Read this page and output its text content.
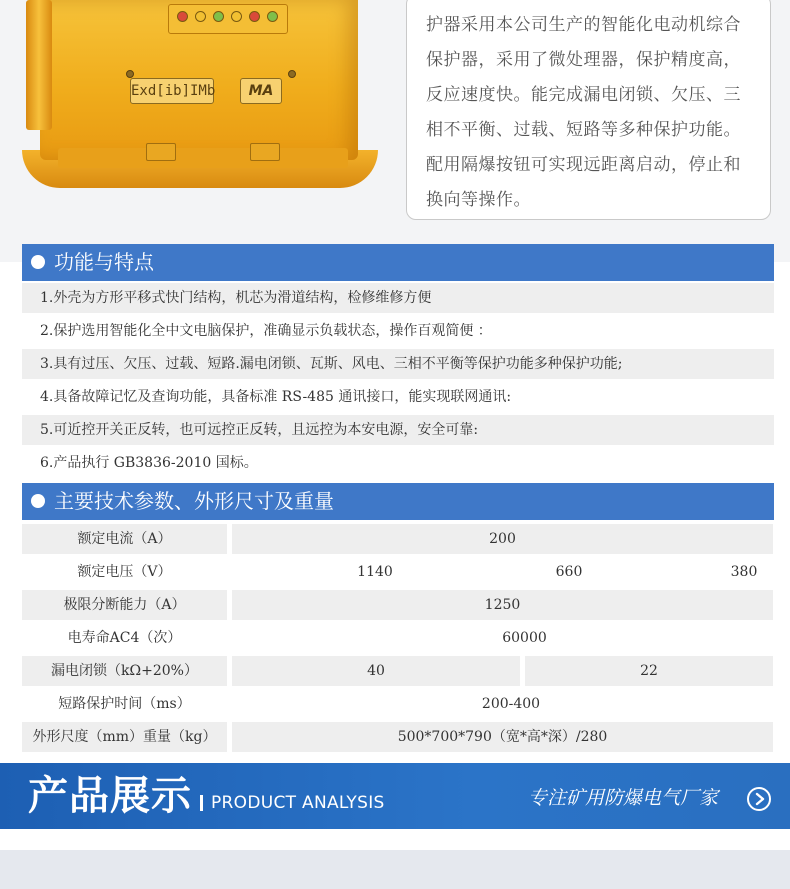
Exd[ib]IMb	MA
护器采用本公司生产的智能化电动机综合
保护器，采用了微处理器，保护精度高，
反应速度快。能完成漏电闭锁、欠压、三
相不平衡、过载、短路等多种保护功能。
配用隔爆按钮可实现远距离启动，停止和
换向等操作。
功能与特点
1.外壳为方形平移式快门结构，机芯为滑道结构，检修维修方便
2.保护选用智能化全中文电脑保护，准确显示负载状态，操作百观简便 ：
3.具有过压、欠压、过载、短路.漏电闭锁、瓦斯、风电、三相不平衡等保护功能多种保护功能;
4.具备故障记忆及查询功能，具备标准 RS-485 通讯接口，能实现联网通讯:
5.可近控开关正反转，也可远控正反转，且远控为本安电源，安全可靠:
6.产品执行 GB3836-2010 国标。
主要技术参数、外形尺寸及重量
额定电流（A）	200
额定电压（V）	1140	660	380
极限分断能力（A）	1250
电寿命AC4（次）	60000
漏电闭锁（kΩ+20%）	40	22
短路保护时间（ms）	200-400
外形尺度（mm）重量（kg）	500*700*790（宽*高*深）/280
产品展示 PRODUCT ANALYSIS	专注矿用防爆电气厂家
